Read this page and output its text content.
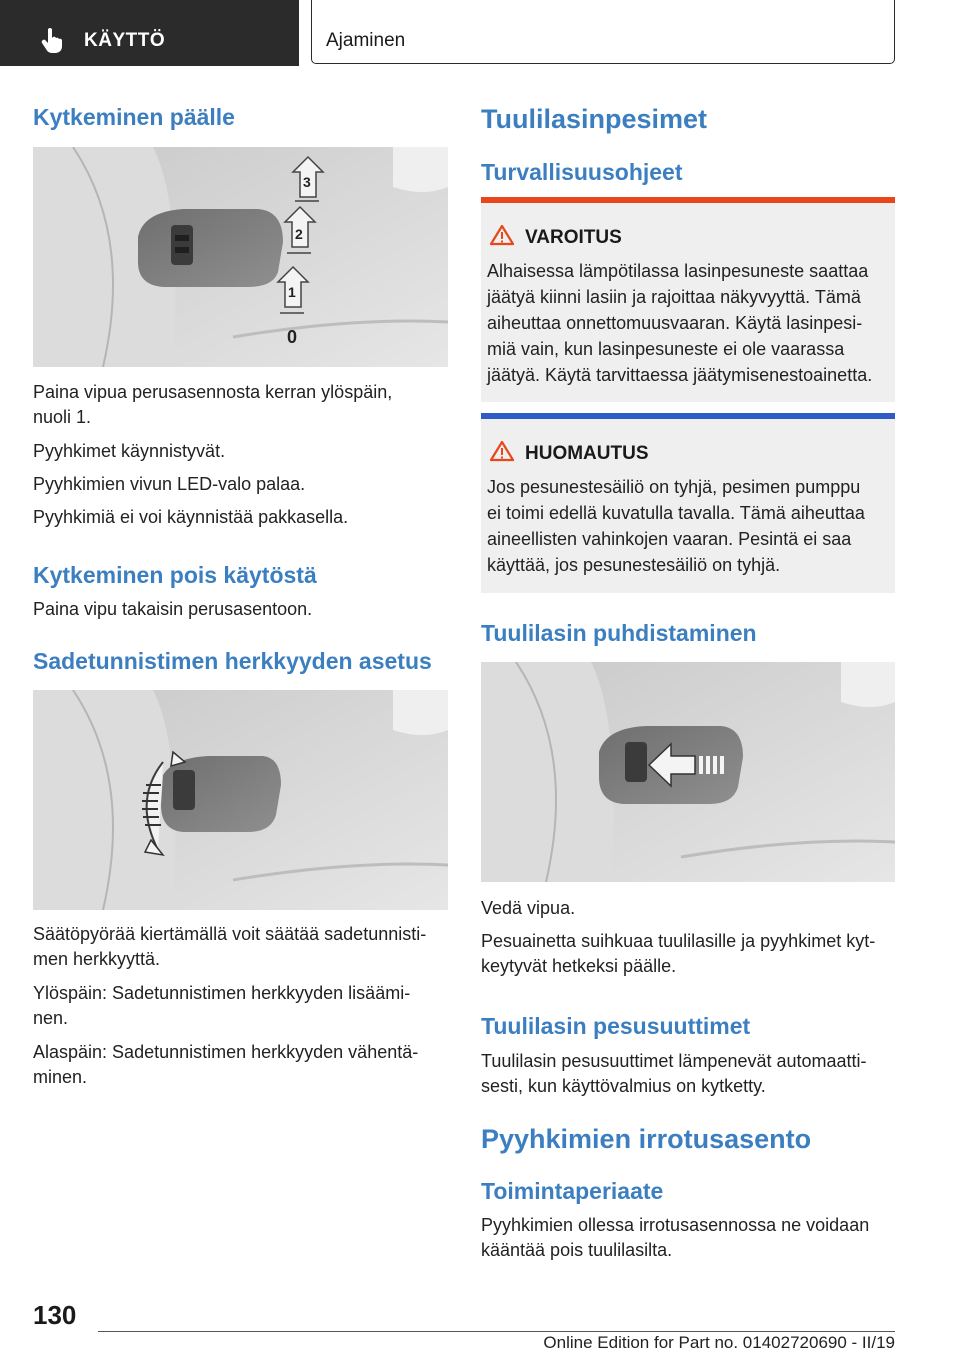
KÄYTTÖ	Ajaminen
Kytkeminen päälle
3
2
1
0

Paina vipua perusasennosta kerran ylöspäin,

nuoli 1.

Pyyhkimet käynnistyvät.

Pyyhkimien vivun LED-valo palaa.

Pyyhkimiä ei voi käynnistää pakkasella.

Kytkeminen pois käytöstä

Paina vipu takaisin perusasentoon.

Sadetunnistimen herkkyyden asetus

Säätöpyörää kiertämällä voit säätää sadetunnisti‐

men herkkyyttä.

Ylöspäin: Sadetunnistimen herkkyyden lisäämi‐

nen.

Alaspäin: Sadetunnistimen herkkyyden vähentä‐

minen.

Tuulilasinpesimet
Turvallisuusohjeet
VAROITUS
Alhaisessa lämpötilassa lasinpesuneste saattaa
jäätyä kiinni lasiin ja rajoittaa näkyvyyttä. Tämä
aiheuttaa onnettomuusvaaran. Käytä lasinpesi‐
miä vain, kun lasinpesuneste ei ole vaarassa
jäätyä. Käytä tarvittaessa jäätymisenestoainetta.
HUOMAUTUS
Jos pesunestesäiliö on tyhjä, pesimen pumppu
ei toimi edellä kuvatulla tavalla. Tämä aiheuttaa
aineellisten vahinkojen vaaran. Pesintä ei saa
käyttää, jos pesunestesäiliö on tyhjä.
Tuulilasin puhdistaminen

Vedä vipua.

Pesuainetta suihkuaa tuulilasille ja pyyhkimet kyt‐

keytyvät hetkeksi päälle.

Tuulilasin pesusuuttimet

Tuulilasin pesusuuttimet lämpenevät automaatti‐

sesti, kun käyttövalmius on kytketty.

Pyyhkimien irrotusasento
Toimintaperiaate

Pyyhkimien ollessa irrotusasennossa ne voidaan

kääntää pois tuulilasilta.

130
Online Edition for Part no. 01402720690 - II/19
